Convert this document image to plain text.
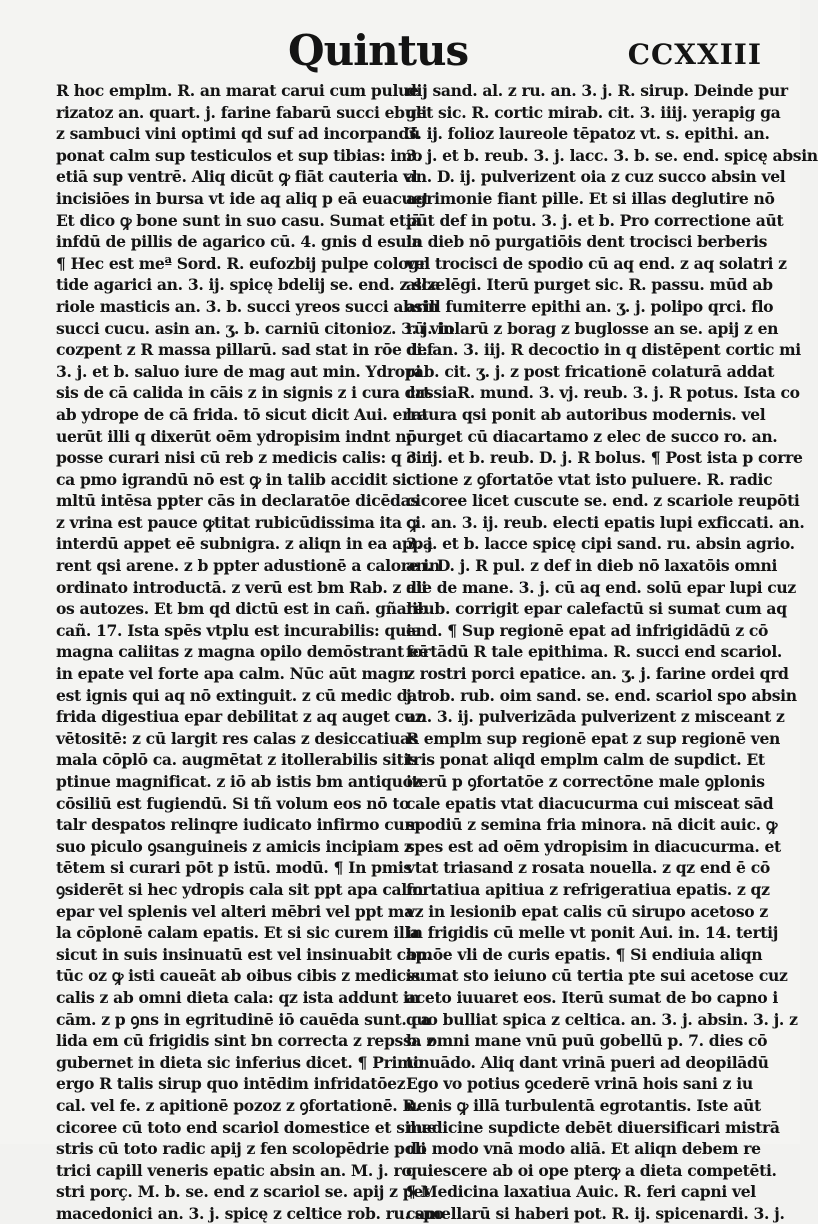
Quintus	CCXXIII
R hoc emplm. R. an marat carui cum pulue
rizatoz an. quart. j. farine fabarū succi ebuli
z sambuci vini optimi qd suf ad incorpandū
ponat calm sup testiculos et sup tibias: imo
etiā sup ventrē. Aliq dicūt ꝙ fiāt cauteria vl
incisiōes in bursa vt ide aq aliq p eā euacuet
Et dico ꝙ bone sunt in suo casu. Sumat etiā
infdū de pillis de agarico cū. 4. gnis d esula
¶ Hec est meª Sord. R. eufozbij pulpe cologn
tide agarici an. 3. ij. spicę bdelij se. end. z sca
riole masticis an. 3. b. succi yreos succi absin
succi cucu. asin an. ʒ. b. carniū citonioz. 3. j. in
cozpent z R massa pillarū. sad stat in rōe def
3. j. et b. saluo iure de mag aut min. Ydropi
sis de cā calida in cāis z in signis z i cura drt
ab ydrope de cā frida. tō sicut dicit Aui. erra
uerūt illi q dixerūt oēm ydropisim indnt nō
posse curari nisi cū reb z medicis calis: q cir
ca pmo igrandū nō est ꝙ in talib accidit sic
mltū intēsa ppter cās in declaratōe dicēdas
z vrina est pauce ꝙtitat rubicūdissima ita ꝙ
interdū appet eē subnigra. z aliqn in ea appa
rent qsi arene. z b ppter adustionē a calore in
ordinato introductā. z verū est bm Rab. z ali
os autozes. Et bm qd dictū est in cañ. gñalib
cañ. 17. Ista spēs vtplu est incurabilis: quia
magna caliitas z magna opilo demōstrant eē
in epate vel forte apa calm. Nūc aūt magn
est ignis qui aq nō extinguit. z cū medic dat
frida digestiua epar debilitat z aq auget cuz
vētositē: z cū largit res calas z desiccatiuas
mala cōplō ca. augmētat z itollerabilis sitis
ptinue magnificat. z iō ab istis bm antiquoz
cōsiliū est fugiendū. Si tñ volum eos nō to
talr despatos relinqre iudicato infirmo cum
suo piculo ꝯsanguineis z amicis incipiam z
tētem si curari pōt p istū. modū. ¶ In pmis
ꝯsiderēt si hec ydropis cala sit ppt apa calm
epar vel splenis vel alteri mēbri vel ppt ma
la cōplonē calam epatis. Et si sic curem illa
sicut in suis insinuatū est vel insinuabit cap.
tūc oz ꝙ isti caueāt ab oibus cibis z medicis
calis z ab omni dieta cala: qz ista addunt in
cām. z p ꝯns in egritudinē iō cauēda sunt. ca
lida em cū frigidis sint bn correcta z repssa z
gubernet in dieta sic inferius dicet. ¶ Primo
ergo R talis sirup quo intēdim infridatōez
cal. vel fe. z apitionē pozoz z ꝯfortationē. R.
cicoree cū toto end scariol domestice et silue
stris cū toto radic apij z fen scolopēdrie poli
trici capill veneris epatic absin an. M. j. ro
stri porç. M. b. se. end z scariol se. apij z pet
macedonici an. 3. j. spicę z celtice rob. ru. spo
dij sand. al. z ru. an. 3. j. R. sirup. Deinde pur
get sic. R. cortic mirab. cit. 3. iiij. yerapig ga
3. ij. folioz laureole tēpatoz vt. s. epithi. an.
3. j. et b. reub. 3. j. lacc. 3. b. se. end. spicę absin
an. D. ij. pulverizent oia z cuz succo absin vel
agrimonie fiant pille. Et si illas deglutire nō
pūt def in potu. 3. j. et b. Pro correctione aūt
in dieb nō purgatiōis dent trocisci berberis
vel trocisci de spodio cū aq end. z aq solatri z
allzelēgi. Iterū purget sic. R. passu. mūd ab
arill fumiterre epithi an. ʒ. j. polipo qrci. flo
rū violarū z borag z buglosse an se. apij z en
di. an. 3. iij. R decoctio in q distēpent cortic mi
rab. cit. ʒ. j. z post fricationē colaturā addat
cassiaR. mund. 3. vj. reub. 3. j. R potus. Ista co
latura qsi ponit ab autoribus modernis. vel
purget cū diacartamo z elec de succo ro. an.
3. ij. et b. reub. D. j. R bolus. ¶ Post ista p corre
ctione z ꝯfortatōe vtat isto puluere. R. radic
cicoree licet cuscute se. end. z scariole reupōti
ci. an. 3. ij. reub. electi epatis lupi exficcati. an.
3. j. et b. lacce spicę cipi sand. ru. absin agrio.
an. D. j. R pul. z def in dieb nō laxatōis omni
die de mane. 3. j. cū aq end. solū epar lupi cuz
reub. corrigit epar calefactū si sumat cum aq
end. ¶ Sup regionē epat ad infrigidādū z cō
fortādū R tale epithima. R. succi end scariol.
z rostri porci epatice. an. ʒ. j. farine ordei qrd
j. rob. rub. oim sand. se. end. scariol spo absin
an. 3. ij. pulverizāda pulverizent z misceant z
R emplm sup regionē epat z sup regionē ven
tris ponat aliqd emplm calm de supdict. Et
iterū p ꝯfortatōe z correctōne male ꝯplonis
cale epatis vtat diacucurma cui misceat sād
spodiū z semina fria minora. nā dicit auic. ꝙ
spes est ad oēm ydropisim in diacucurma. et
vtat triasand z rosata nouella. z qz end ē cō
fortatiua apitiua z refrigeratiua epatis. z qz
vz in lesionib epat calis cū sirupo acetoso z
in frigidis cū melle vt ponit Aui. in. 14. tertij
bmōe vli de curis epatis. ¶ Si endiuia aliqn
sumat sto ieiuno cū tertia pte sui acetose cuz
aceto iuuaret eos. Iterū sumat de bo capno i
quo bulliat spica z celtica. an. 3. j. absin. 3. j. z
b. omni mane vnū puū gobellū p. 7. dies cō
tinuādo. Aliq dant vrinā pueri ad deopilādū
Ego vo potius ꝯcederē vrinā hois sani z iu
uenis ꝙ illā turbulentā egrotantis. Iste aūt
medicine supdicte debēt diuersificari mistrā
do modo vnā modo aliā. Et aliqn debem re
quiescere ab oi ope pterꝙ a dieta competēti.
¶ Medicina laxatiua Auic. R. feri capni vel
camellarū si haberi pot. R. ij. spicenardi. 3. j.
